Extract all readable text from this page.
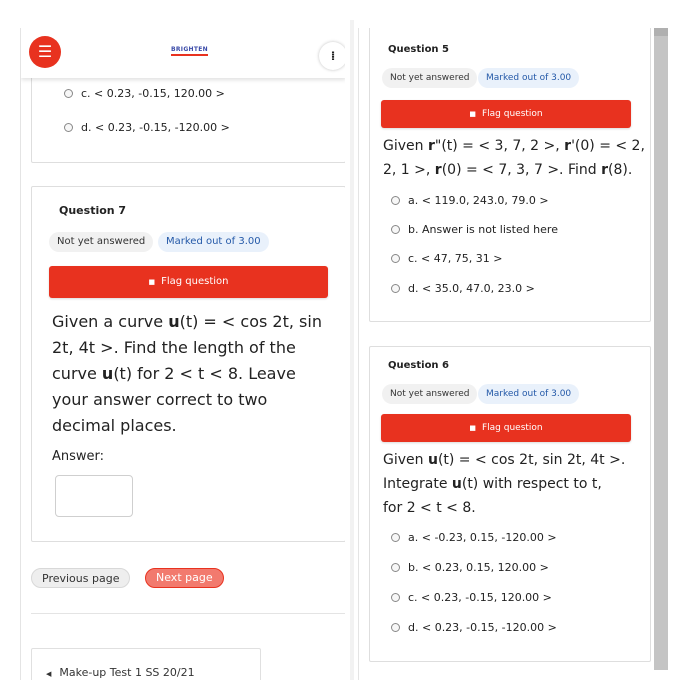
☰	BRIGHTEN	⁞
c. < 0.23, -0.15, 120.00 >
d. < 0.23, -0.15, -120.00 >
Question 7
Not yet answered	Marked out of 3.00
■ Flag question
Given a curve u(t) = < cos 2t, sin
2t, 4t >. Find the length of the
curve u(t) for 2 < t < 8. Leave
your answer correct to two
decimal places.
Answer:
Previous page	Next page
◀ Make-up Test 1 SS 20/21
Question 5
Not yet answered	Marked out of 3.00
■ Flag question
Given r"(t) = < 3, 7, 2 >, r'(0) = < 2,
2, 1 >, r(0) = < 7, 3, 7 >. Find r(8).
a. < 119.0, 243.0, 79.0 >
b. Answer is not listed here
c. < 47, 75, 31 >
d. < 35.0, 47.0, 23.0 >
Question 6
Not yet answered	Marked out of 3.00
■ Flag question
Given u(t) = < cos 2t, sin 2t, 4t >.
Integrate u(t) with respect to t,
for 2 < t < 8.
a. < -0.23, 0.15, -120.00 >
b. < 0.23, 0.15, 120.00 >
c. < 0.23, -0.15, 120.00 >
d. < 0.23, -0.15, -120.00 >
